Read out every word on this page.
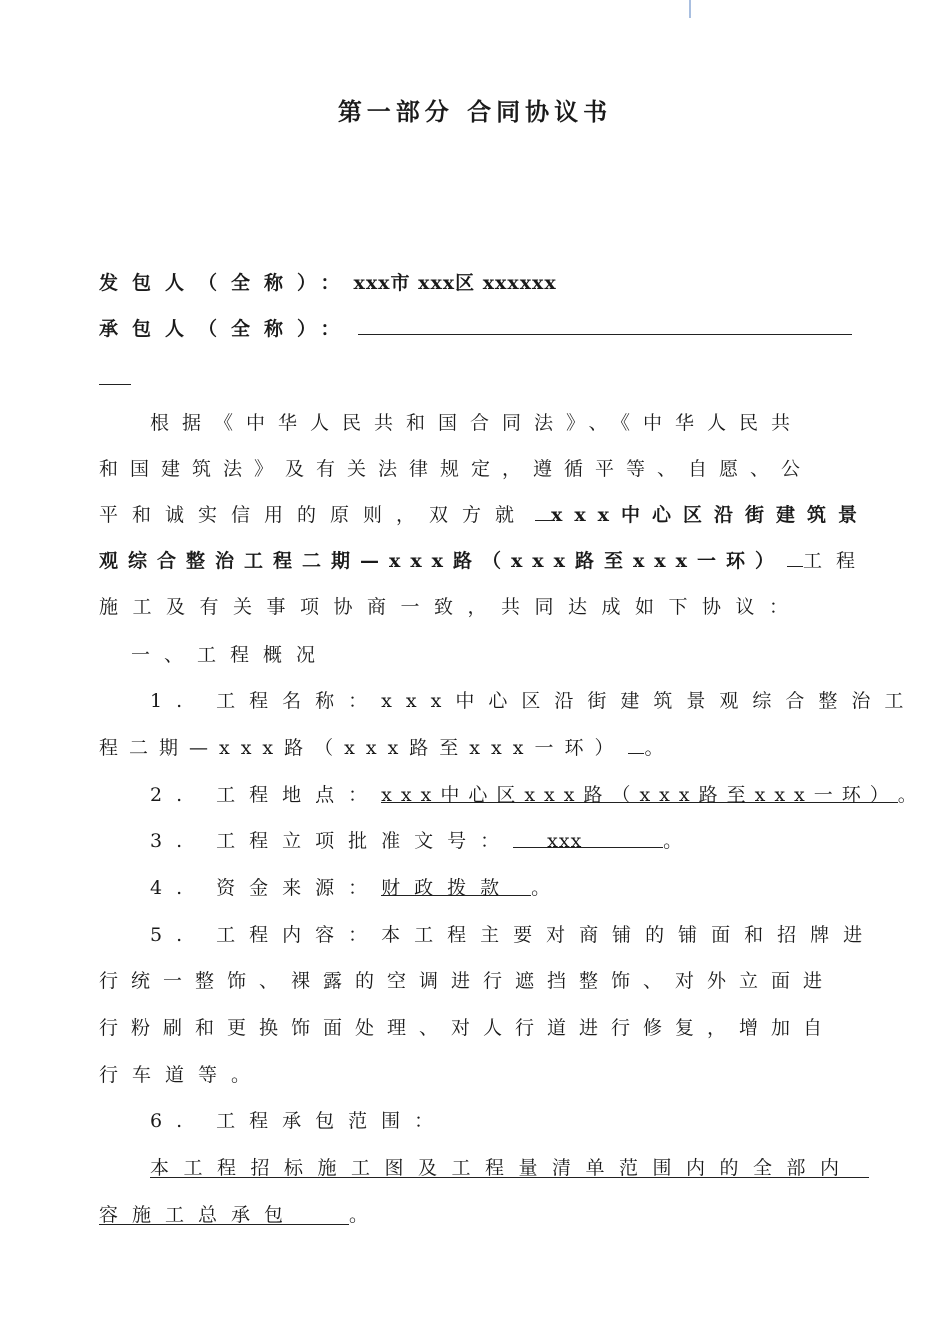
第一部分 合同协议书
发包人（全称）： xxx市 xxx区 xxxxxx
承包人（全称）：
根据《中华人民共和国合同法》、《中华人民共
和国建筑法》及有关法律规定，遵循平等、自愿、公
平和诚实信用的原则，双方就	xxx中心区沿街建筑景
观综合整治工程二期—xxx路（xxx路至xxx一环）	工程
施工及有关事项协商一致，共同达成如下协议：
一、工程概况
1. 工程名称： xxx中心区沿街建筑景观综合整治工
程二期—xxx路（xxx路至xxx一环） 。
2. 工程地点： xxx中心区xxx路（xxx路至xxx一环） 。
3. 工程立项批准文号：	xxx	。
4. 资金来源： 财政拨款 。
5. 工程内容： 本工程主要对商铺的铺面和招牌进
行统一整饰、裸露的空调进行遮挡整饰、对外立面进
行粉刷和更换饰面处理、对人行道进行修复，增加自
行车道等。
6. 工程承包范围：
本工程招标施工图及工程量清单范围内的全部内
容施工总承包	。
